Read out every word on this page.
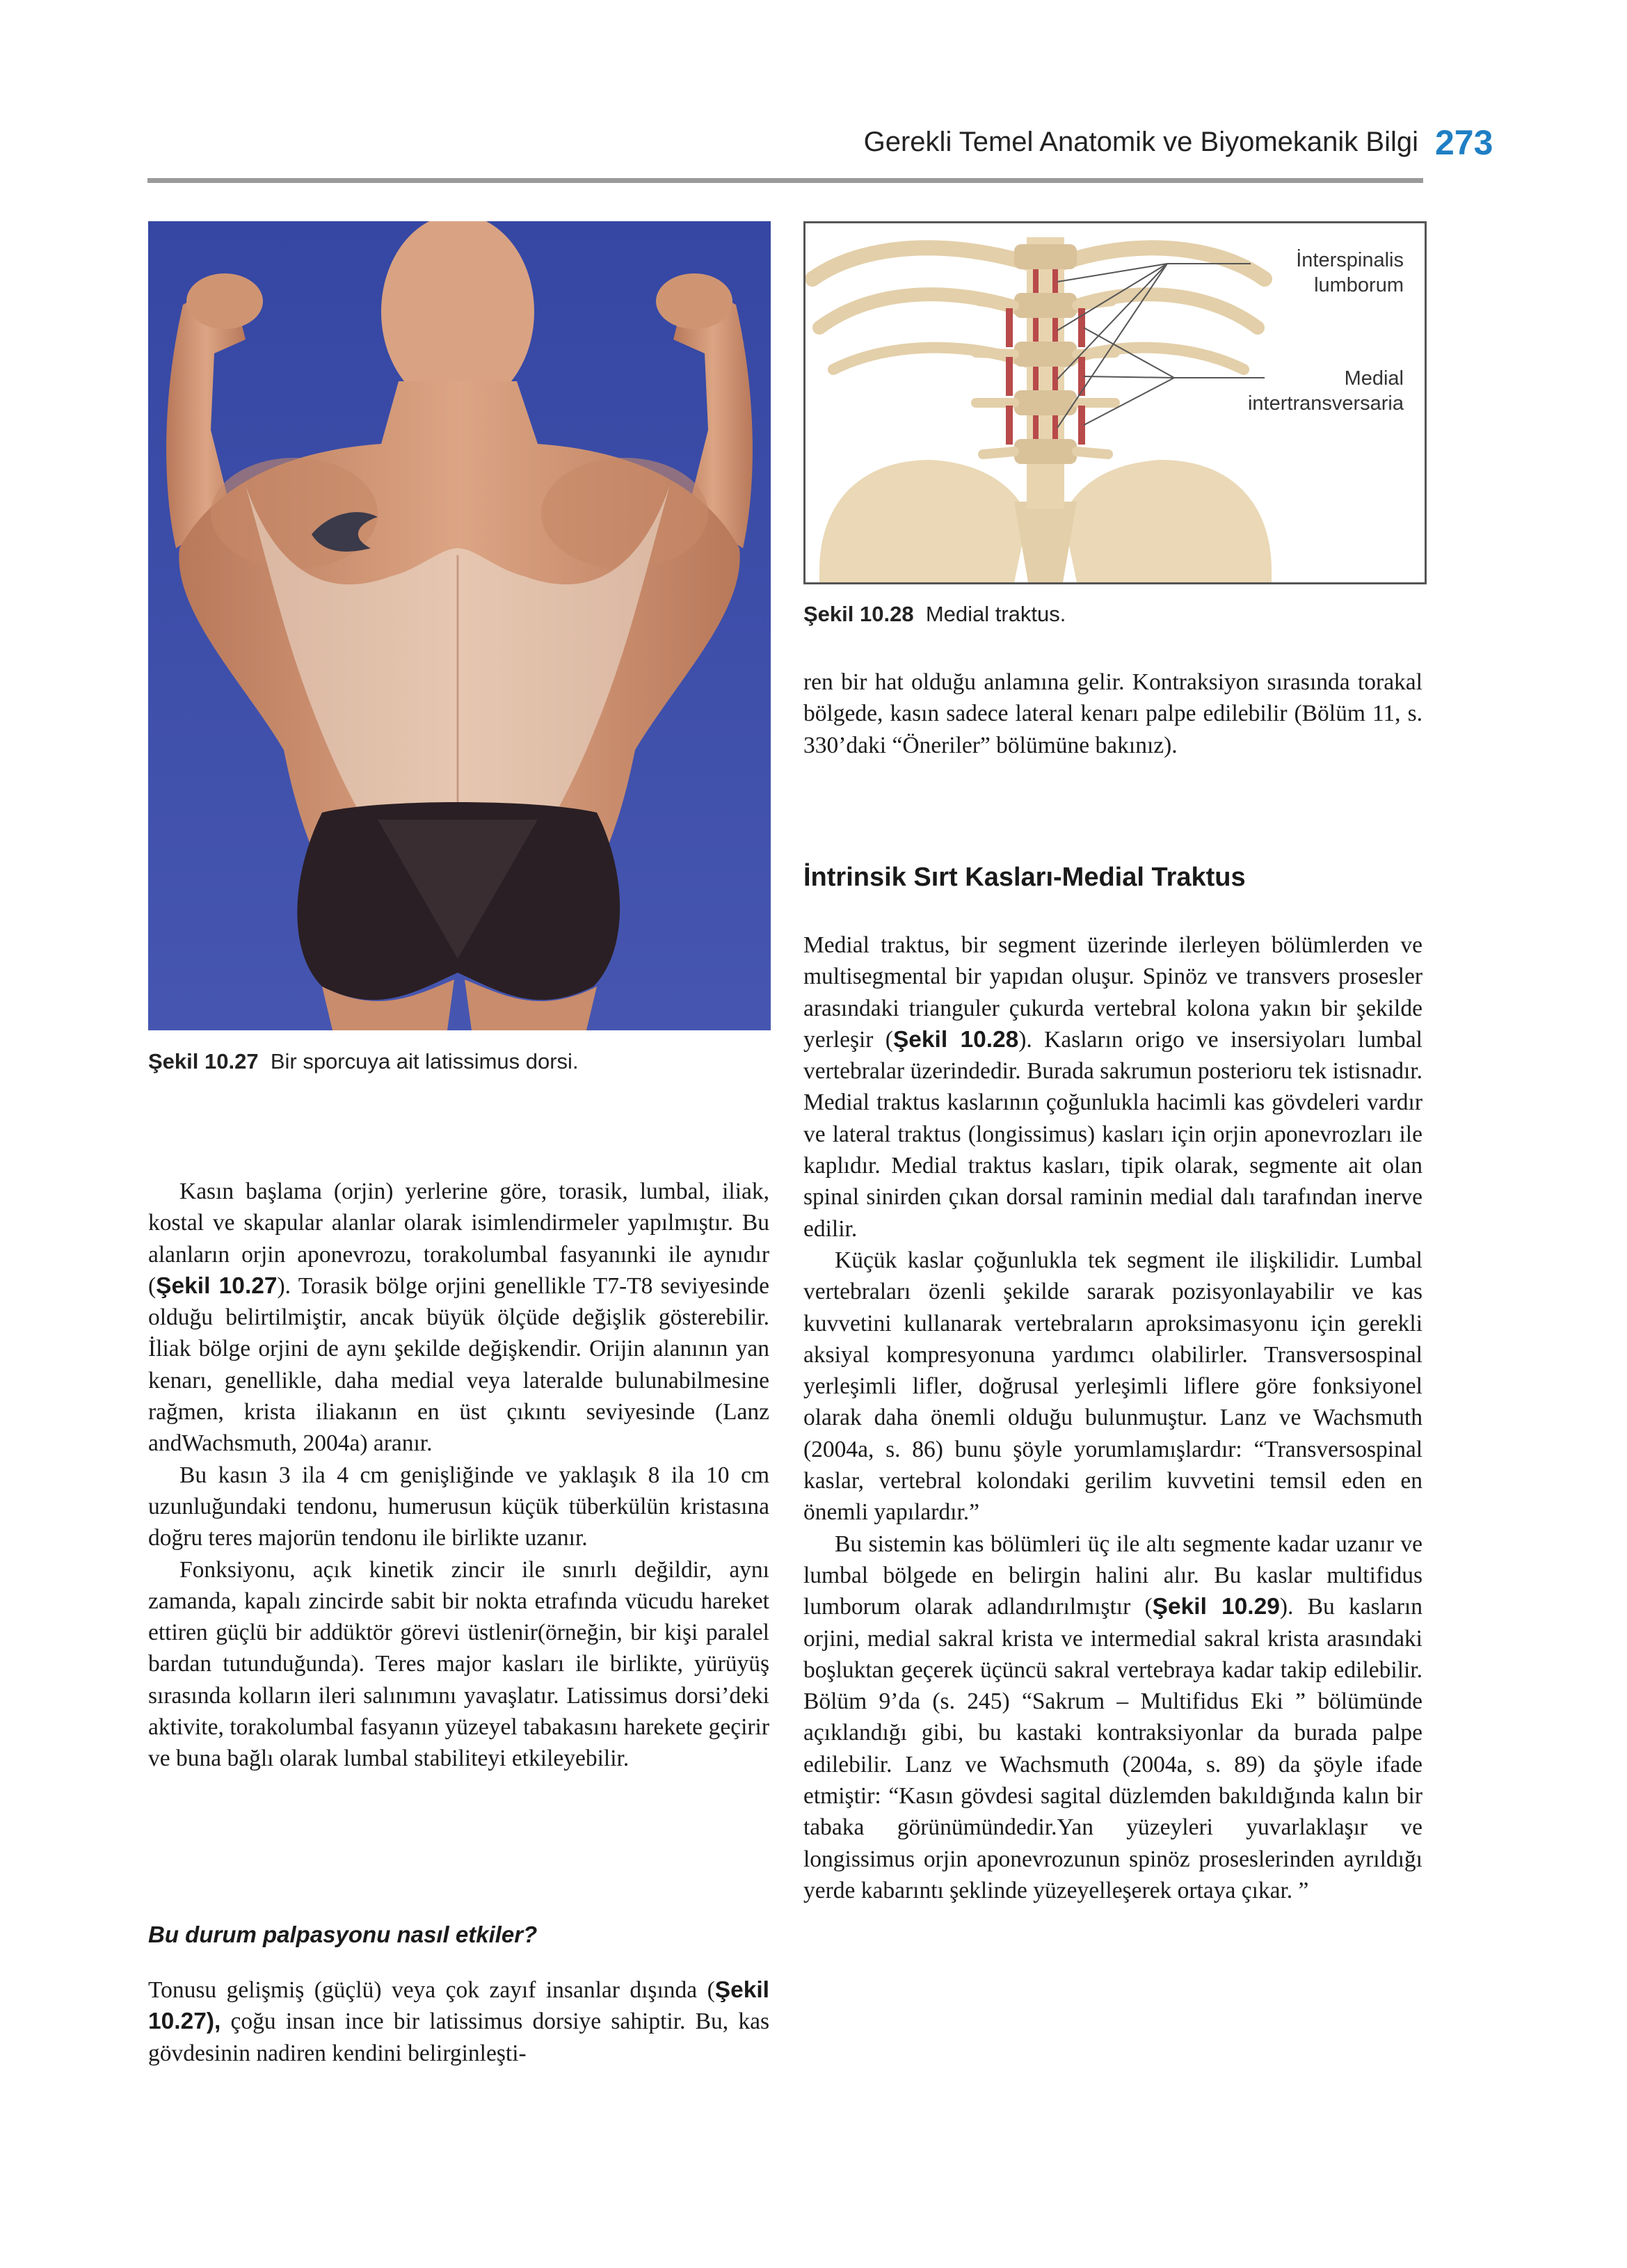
Gerekli Temel Anatomik ve Biyomekanik Bilgi 273
İnterspinalis
lumborum
Medial
intertransversaria
Şekil 10.28 Medial traktus.
Şekil 10.27 Bir sporcuya ait latissimus dorsi.

ren bir hat olduğu anlamına gelir. Kontraksiyon sırasında torakal bölgede, kasın sadece lateral kenarı palpe edilebilir (Bölüm 11, s. 330’daki “Öneriler” bölümüne bakınız).

İntrinsik Sırt Kasları-Medial Traktus

Medial traktus, bir segment üzerinde ilerleyen bölümlerden ve multisegmental bir yapıdan oluşur. Spinöz ve transvers prosesler arasındaki trianguler çukurda vertebral kolona yakın bir şekilde yerleşir (Şekil 10.28). Kasların origo ve insersiyoları lumbal vertebralar üzerindedir. Burada sakrumun posterioru tek istisnadır. Medial traktus kaslarının çoğunlukla hacimli kas gövdeleri vardır ve lateral traktus (longissimus) kasları için orjin aponevrozları ile kaplıdır. Medial traktus kasları, tipik olarak, segmente ait olan spinal sinirden çıkan dorsal raminin medial dalı tarafından inerve edilir.

Küçük kaslar çoğunlukla tek segment ile ilişkilidir. Lumbal vertebraları özenli şekilde sararak pozisyonlayabilir ve kas kuvvetini kullanarak vertebraların aproksimasyonu için gerekli aksiyal kompresyonuna yardımcı olabilirler. Transversospinal yerleşimli lifler, doğrusal yerleşimli liflere göre fonksiyonel olarak daha önemli olduğu bulunmuştur. Lanz ve Wachsmuth (2004a, s. 86) bunu şöyle yorumlamışlardır: “Transversospinal kaslar, vertebral kolondaki gerilim kuvvetini temsil eden en önemli yapılardır.”

Bu sistemin kas bölümleri üç ile altı segmente kadar uzanır ve lumbal bölgede en belirgin halini alır. Bu kaslar multifidus lumborum olarak adlandırılmıştır (Şekil 10.29). Bu kasların orjini, medial sakral krista ve intermedial sakral krista arasındaki boşluktan geçerek üçüncü sakral vertebraya kadar takip edilebilir. Bölüm 9’da (s. 245) “Sakrum – Multifidus Eki ” bölümünde açıklandığı gibi, bu kastaki kontraksiyonlar da burada palpe edilebilir. Lanz ve Wachsmuth (2004a, s. 89) da şöyle ifade etmiştir: “Kasın gövdesi sagital düzlemden bakıldığında kalın bir tabaka görünümündedir.Yan yüzeyleri yuvarlaklaşır ve longissimus orjin aponevrozunun spinöz proseslerinden ayrıldığı yerde kabarıntı şeklinde yüzeyelleşerek ortaya çıkar. ”

Kasın başlama (orjin) yerlerine göre, torasik, lumbal, iliak, kostal ve skapular alanlar olarak isimlendirmeler yapılmıştır. Bu alanların orjin aponevrozu, torakolumbal fasyanınki ile aynıdır (Şekil 10.27). Torasik bölge orjini genellikle T7-T8 seviyesinde olduğu belirtilmiştir, ancak büyük ölçüde değişlik gösterebilir. İliak bölge orjini de aynı şekilde değişkendir. Orijin alanının yan kenarı, genellikle, daha medial veya lateralde bulunabilmesine rağmen, krista iliakanın en üst çıkıntı seviyesinde (Lanz andWachsmuth, 2004a) aranır.

Bu kasın 3 ila 4 cm genişliğinde ve yaklaşık 8 ila 10 cm uzunluğundaki tendonu, humerusun küçük tüberkülün kristasına doğru teres majorün tendonu ile birlikte uzanır.

Fonksiyonu, açık kinetik zincir ile sınırlı değildir, aynı zamanda, kapalı zincirde sabit bir nokta etrafında vücudu hareket ettiren güçlü bir addüktör görevi üstlenir(örneğin, bir kişi paralel bardan tutunduğunda). Teres major kasları ile birlikte, yürüyüş sırasında kolların ileri salınımını yavaşlatır. Latissimus dorsi’deki aktivite, torakolumbal fasyanın yüzeyel tabakasını harekete geçirir ve buna bağlı olarak lumbal stabiliteyi etkileyebilir.

Bu durum palpasyonu nasıl etkiler?

Tonusu gelişmiş (güçlü) veya çok zayıf insanlar dışında (Şekil 10.27), çoğu insan ince bir latissimus dorsiye sahiptir. Bu, kas gövdesinin nadiren kendini belirginleşti-
